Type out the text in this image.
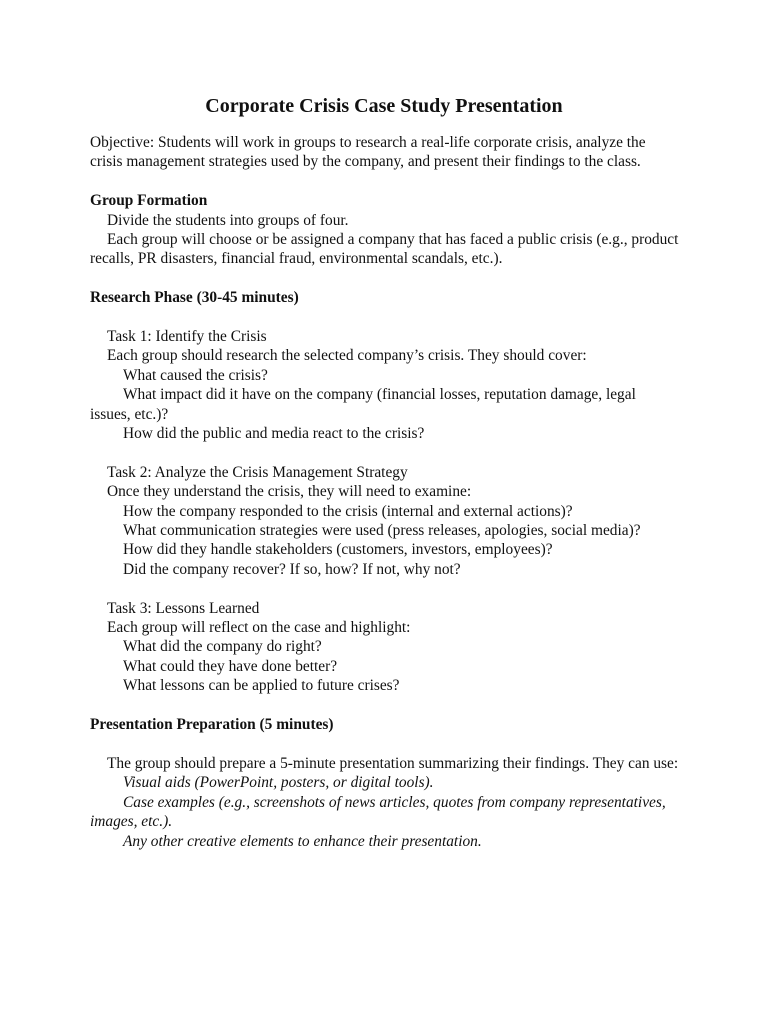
Corporate Crisis Case Study Presentation

Objective: Students will work in groups to research a real-life corporate crisis, analyze the crisis management strategies used by the company, and present their findings to the class.

Group Formation

Divide the students into groups of four.

Each group will choose or be assigned a company that has faced a public crisis (e.g., product recalls, PR disasters, financial fraud, environmental scandals, etc.).

Research Phase (30-45 minutes)

Task 1: Identify the Crisis

Each group should research the selected company’s crisis. They should cover:

What caused the crisis?

What impact did it have on the company (financial losses, reputation damage, legal issues, etc.)?

How did the public and media react to the crisis?

Task 2: Analyze the Crisis Management Strategy

Once they understand the crisis, they will need to examine:

How the company responded to the crisis (internal and external actions)?

What communication strategies were used (press releases, apologies, social media)?

How did they handle stakeholders (customers, investors, employees)?

Did the company recover? If so, how? If not, why not?

Task 3: Lessons Learned

Each group will reflect on the case and highlight:

What did the company do right?

What could they have done better?

What lessons can be applied to future crises?

Presentation Preparation (5 minutes)

The group should prepare a 5-minute presentation summarizing their findings. They can use:

Visual aids (PowerPoint, posters, or digital tools).

Case examples (e.g., screenshots of news articles, quotes from company representatives, images, etc.).

Any other creative elements to enhance their presentation.
